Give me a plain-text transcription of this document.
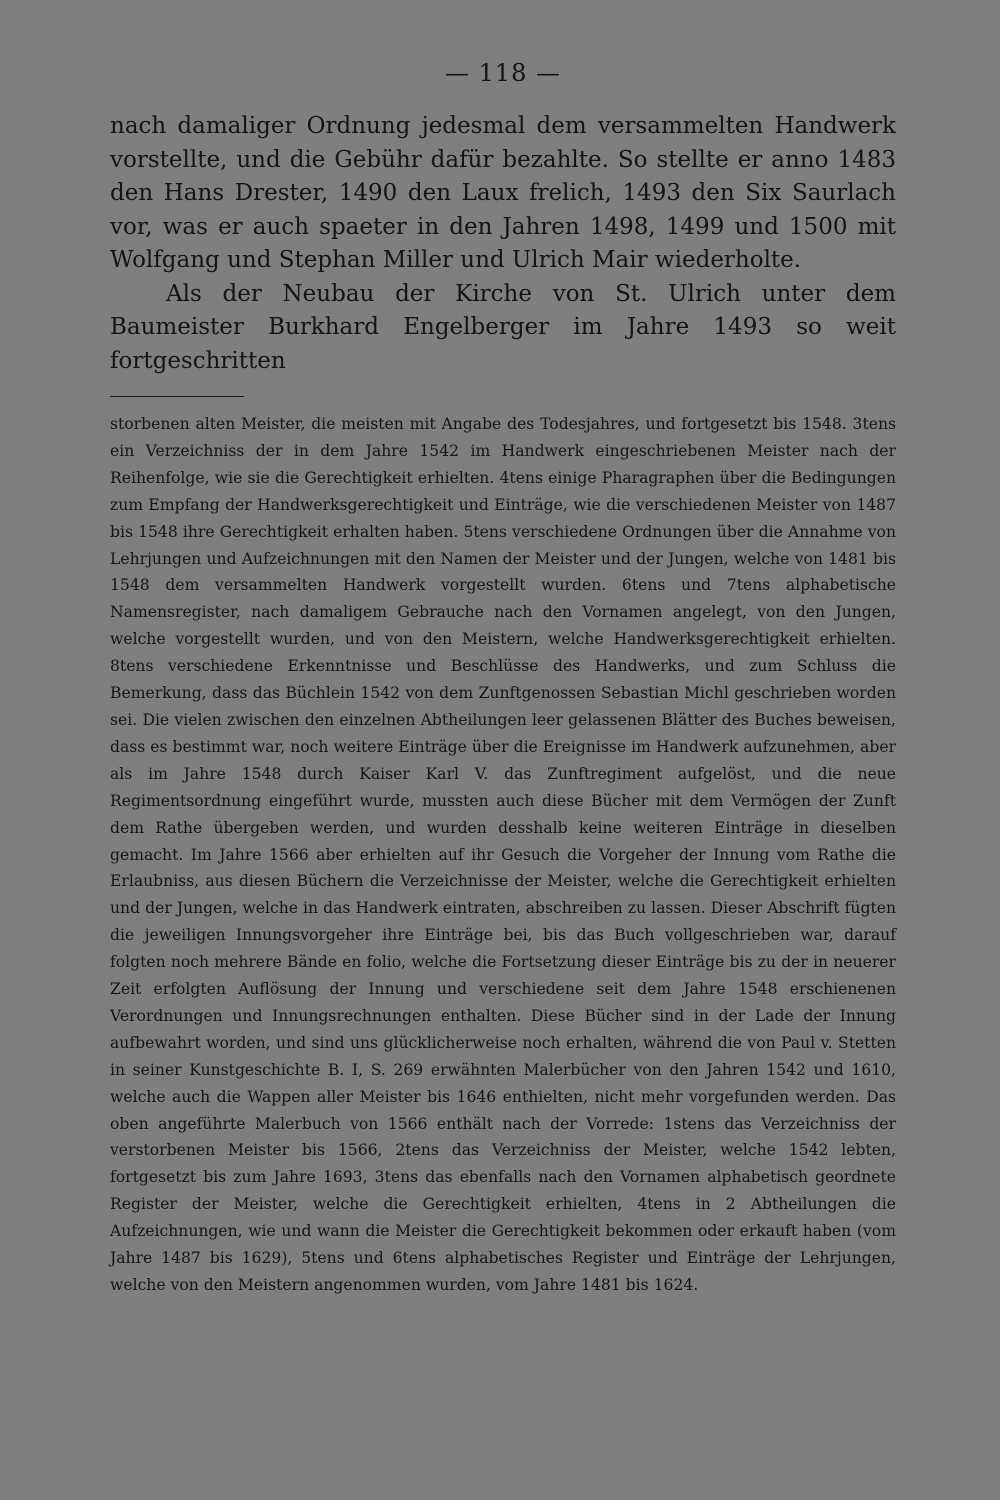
— 118 —

nach damaliger Ordnung jedesmal dem versammelten Handwerk vorstellte, und die Gebühr dafür bezahlte. So stellte er anno 1483 den Hans Drester, 1490 den Laux frelich, 1493 den Six Saurlach vor, was er auch spaeter in den Jahren 1498, 1499 und 1500 mit Wolfgang und Stephan Miller und Ulrich Mair wiederholte.

Als der Neubau der Kirche von St. Ulrich unter dem Baumeister Burkhard Engelberger im Jahre 1493 so weit fortgeschritten

storbenen alten Meister, die meisten mit Angabe des Todesjahres, und fortgesetzt bis 1548. 3tens ein Verzeichniss der in dem Jahre 1542 im Handwerk eingeschriebenen Meister nach der Reihenfolge, wie sie die Gerechtigkeit erhielten. 4tens einige Pharagraphen über die Bedingungen zum Empfang der Handwerksgerechtigkeit und Einträge, wie die verschiedenen Meister von 1487 bis 1548 ihre Gerechtigkeit erhalten haben. 5tens verschiedene Ordnungen über die Annahme von Lehrjungen und Aufzeichnungen mit den Namen der Meister und der Jungen, welche von 1481 bis 1548 dem versammelten Handwerk vorgestellt wurden. 6tens und 7tens alphabetische Namensregister, nach damaligem Gebrauche nach den Vornamen angelegt, von den Jungen, welche vorgestellt wurden, und von den Meistern, welche Handwerksgerechtigkeit erhielten. 8tens verschiedene Erkenntnisse und Beschlüsse des Handwerks, und zum Schluss die Bemerkung, dass das Büchlein 1542 von dem Zunftgenossen Sebastian Michl geschrieben worden sei. Die vielen zwischen den einzelnen Abtheilungen leer gelassenen Blätter des Buches beweisen, dass es bestimmt war, noch weitere Einträge über die Ereignisse im Handwerk aufzunehmen, aber als im Jahre 1548 durch Kaiser Karl V. das Zunftregiment aufgelöst, und die neue Regimentsordnung eingeführt wurde, mussten auch diese Bücher mit dem Vermögen der Zunft dem Rathe übergeben werden, und wurden desshalb keine weiteren Einträge in dieselben gemacht. Im Jahre 1566 aber erhielten auf ihr Gesuch die Vorgeher der Innung vom Rathe die Erlaubniss, aus diesen Büchern die Verzeichnisse der Meister, welche die Gerechtigkeit erhielten und der Jungen, welche in das Handwerk eintraten, abschreiben zu lassen. Dieser Abschrift fügten die jeweiligen Innungsvorgeher ihre Einträge bei, bis das Buch vollgeschrieben war, darauf folgten noch mehrere Bände en folio, welche die Fortsetzung dieser Einträge bis zu der in neuerer Zeit erfolgten Auflösung der Innung und verschiedene seit dem Jahre 1548 erschienenen Verordnungen und Innungsrechnungen enthalten. Diese Bücher sind in der Lade der Innung aufbewahrt worden, und sind uns glücklicherweise noch erhalten, während die von Paul v. Stetten in seiner Kunstgeschichte B. I, S. 269 erwähnten Malerbücher von den Jahren 1542 und 1610, welche auch die Wappen aller Meister bis 1646 enthielten, nicht mehr vorgefunden werden. Das oben angeführte Malerbuch von 1566 enthält nach der Vorrede: 1stens das Verzeichniss der verstorbenen Meister bis 1566, 2tens das Verzeichniss der Meister, welche 1542 lebten, fortgesetzt bis zum Jahre 1693, 3tens das ebenfalls nach den Vornamen alphabetisch geordnete Register der Meister, welche die Gerechtigkeit erhielten, 4tens in 2 Abtheilungen die Aufzeichnungen, wie und wann die Meister die Gerechtigkeit bekommen oder erkauft haben (vom Jahre 1487 bis 1629), 5tens und 6tens alphabetisches Register und Einträge der Lehrjungen, welche von den Meistern angenommen wurden, vom Jahre 1481 bis 1624.
